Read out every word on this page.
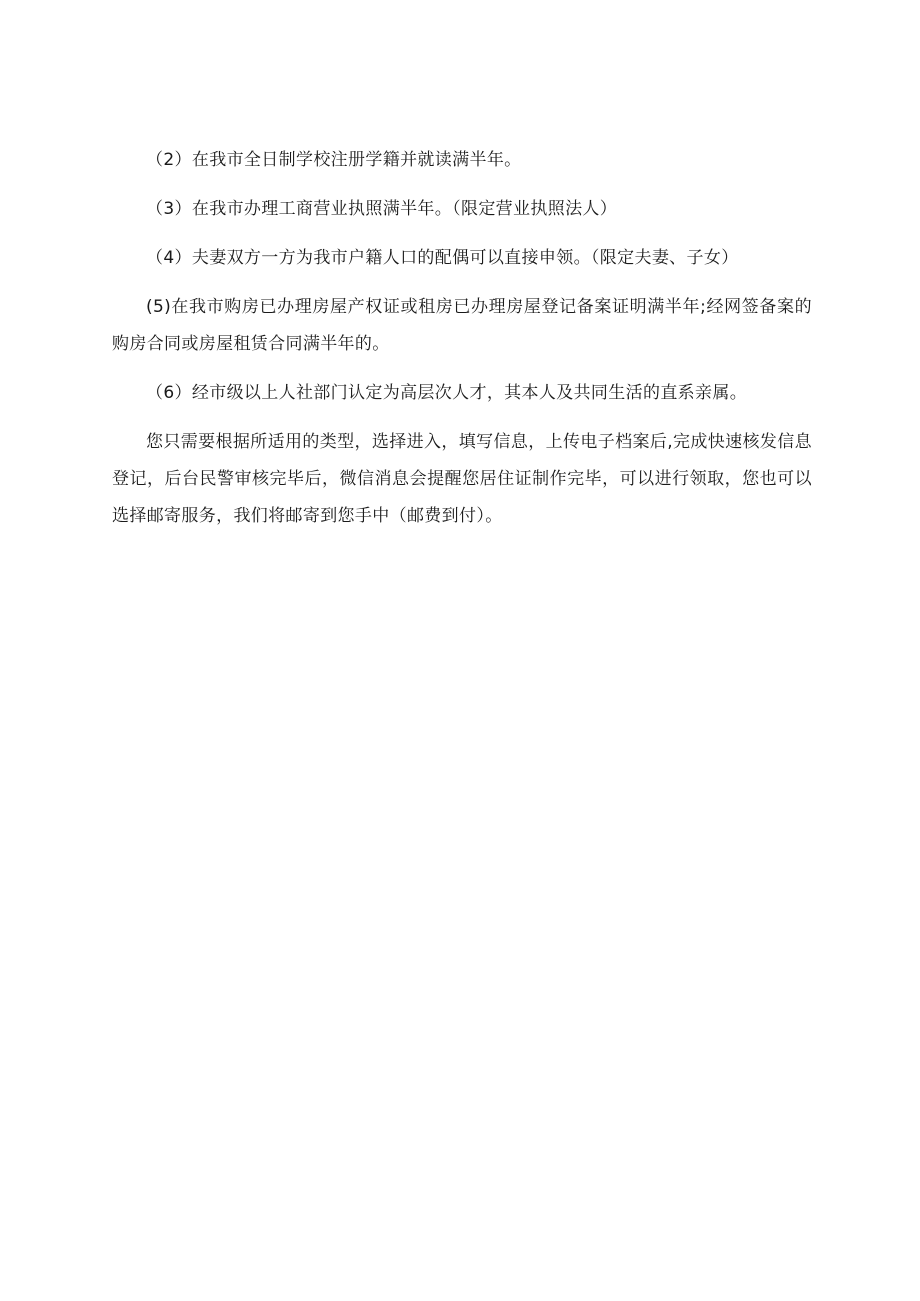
（2）在我市全日制学校注册学籍并就读满半年。

（3）在我市办理工商营业执照满半年。（限定营业执照法人）

（4）夫妻双方一方为我市户籍人口的配偶可以直接申领。（限定夫妻、子女）

(5)在我市购房已办理房屋产权证或租房已办理房屋登记备案证明满半年;经网签备案的购房合同或房屋租赁合同满半年的。

（6）经市级以上人社部门认定为高层次人才，其本人及共同生活的直系亲属。

您只需要根据所适用的类型，选择进入，填写信息，上传电子档案后,完成快速核发信息登记，后台民警审核完毕后，微信消息会提醒您居住证制作完毕，可以进行领取，您也可以选择邮寄服务，我们将邮寄到您手中（邮费到付）。
